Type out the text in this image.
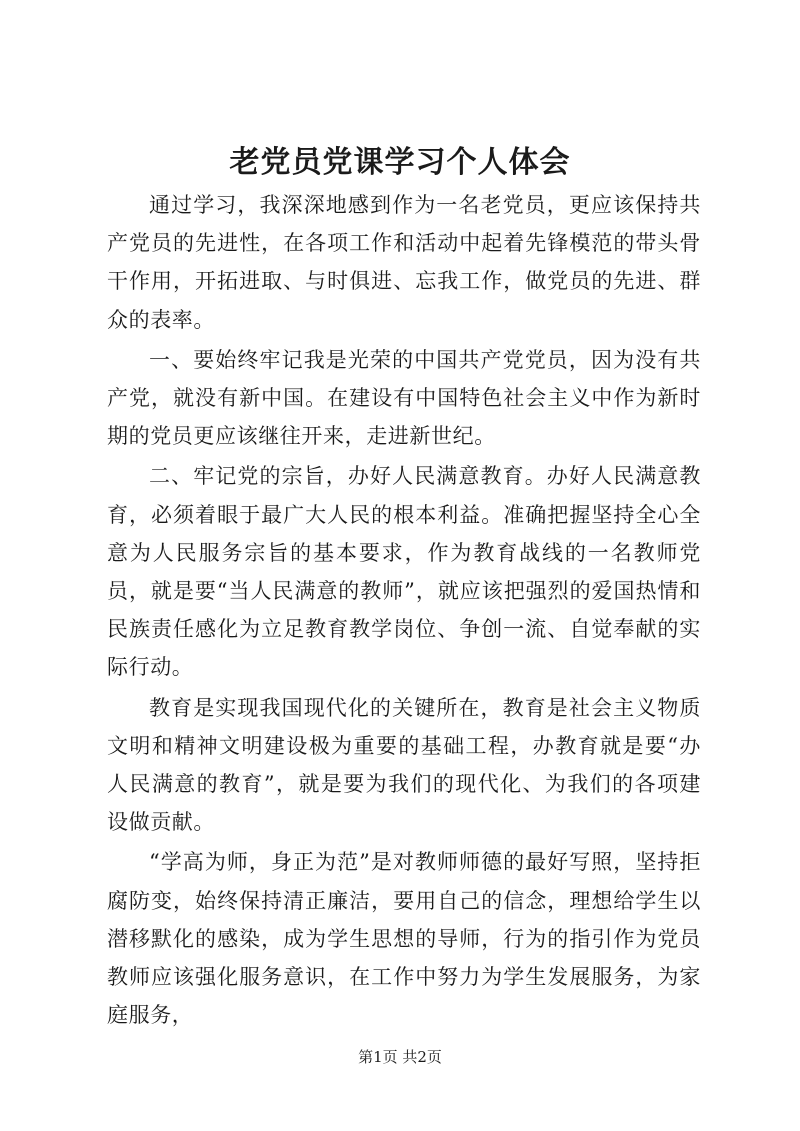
老党员党课学习个人体会

通过学习，我深深地感到作为一名老党员，更应该保持共产党员的先进性，在各项工作和活动中起着先锋模范的带头骨干作用，开拓进取、与时俱进、忘我工作，做党员的先进、群众的表率。

一、要始终牢记我是光荣的中国共产党党员，因为没有共产党，就没有新中国。在建设有中国特色社会主义中作为新时期的党员更应该继往开来，走进新世纪。

二、牢记党的宗旨，办好人民满意教育。办好人民满意教育，必须着眼于最广大人民的根本利益。准确把握坚持全心全意为人民服务宗旨的基本要求，作为教育战线的一名教师党员，就是要“当人民满意的教师”，就应该把强烈的爱国热情和民族责任感化为立足教育教学岗位、争创一流、自觉奉献的实际行动。

教育是实现我国现代化的关键所在，教育是社会主义物质文明和精神文明建设极为重要的基础工程，办教育就是要“办人民满意的教育”，就是要为我们的现代化、为我们的各项建设做贡献。

“学高为师，身正为范”是对教师师德的最好写照，坚持拒腐防变，始终保持清正廉洁，要用自己的信念，理想给学生以潜移默化的感染，成为学生思想的导师，行为的指引作为党员教师应该强化服务意识，在工作中努力为学生发展服务，为家庭服务，

第1页 共2页
